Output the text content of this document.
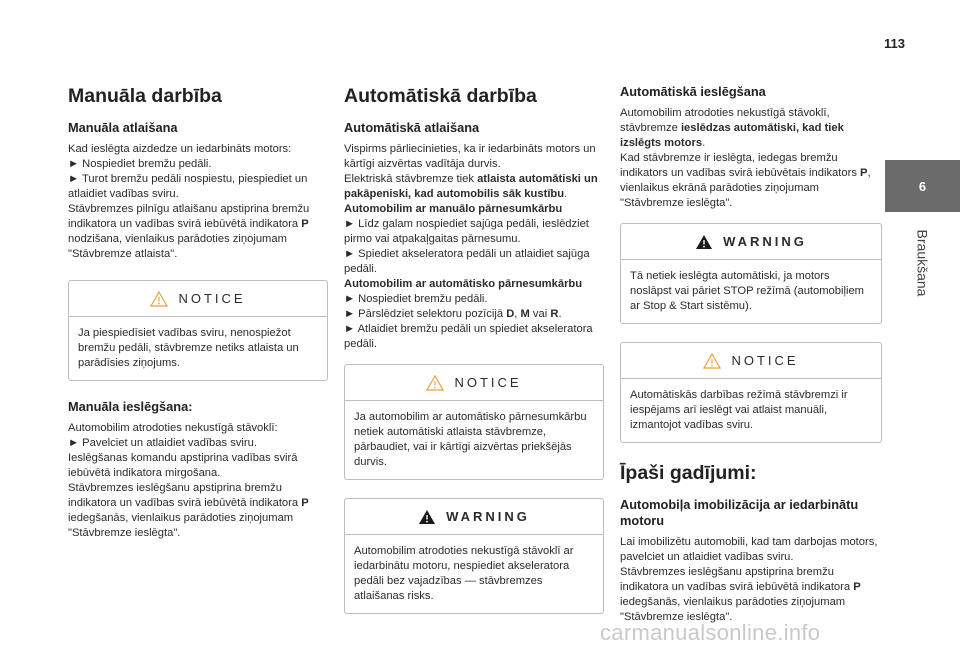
113
Manuāla darbība
Manuāla atlaišana

Kad ieslēgta aizdedze un iedarbināts motors:

► Nospiediet bremžu pedāli.

► Turot bremžu pedāli nospiestu, piespiediet un atlaidiet vadības sviru.

Stāvbremzes pilnīgu atlaišanu apstiprina bremžu indikatora un vadības svirā iebūvētā indikatora P nodzišana, vienlaikus parādoties ziņojumam "Stāvbremze atlaista".

NOTICE

Ja piespiedīsiet vadības sviru, nenospiežot bremžu pedāli, stāvbremze netiks atlaista un parādīsies ziņojums.

Manuāla ieslēgšana:

Automobilim atrodoties nekustīgā stāvoklī:

► Pavelciet un atlaidiet vadības sviru.

Ieslēgšanas komandu apstiprina vadības svirā iebūvētā indikatora mirgošana.

Stāvbremzes ieslēgšanu apstiprina bremžu indikatora un vadības svirā iebūvētā indikatora P iedegšanās, vienlaikus parādoties ziņojumam "Stāvbremze ieslēgta".

Automātiskā darbība
Automātiskā atlaišana

Vispirms pārliecinieties, ka ir iedarbināts motors un kārtīgi aizvērtas vadītāja durvis.

Elektriskā stāvbremze tiek atlaista automātiski un pakāpeniski, kad automobilis sāk kustību.

Automobilim ar manuālo pārnesumkārbu

► Līdz galam nospiediet sajūga pedāli, ieslēdziet pirmo vai atpakaļgaitas pārnesumu.

► Spiediet akseleratora pedāli un atlaidiet sajūga pedāli.

Automobilim ar automātisko pārnesumkārbu

► Nospiediet bremžu pedāli.

► Pārslēdziet selektoru pozīcijā D, M vai R.

► Atlaidiet bremžu pedāli un spiediet akseleratora pedāli.

NOTICE

Ja automobilim ar automātisko pārnesumkārbu netiek automātiski atlaista stāvbremze, pārbaudiet, vai ir kārtīgi aizvērtas priekšējās durvis.

WARNING

Automobilim atrodoties nekustīgā stāvoklī ar iedarbinātu motoru, nespiediet akseleratora pedāli bez vajadzības — stāvbremzes atlaišanas risks.

Automātiskā ieslēgšana

Automobilim atrodoties nekustīgā stāvoklī, stāvbremze ieslēdzas automātiski, kad tiek izslēgts motors.

Kad stāvbremze ir ieslēgta, iedegas bremžu indikators un vadības svirā iebūvētais indikators P, vienlaikus ekrānā parādoties ziņojumam "Stāvbremze ieslēgta".

WARNING

Tā netiek ieslēgta automātiski, ja motors noslāpst vai pāriet STOP režīmā (automobiļiem ar Stop & Start sistēmu).

NOTICE

Automātiskās darbības režīmā stāvbremzi ir iespējams arī ieslēgt vai atlaist manuāli, izmantojot vadības sviru.

Īpaši gadījumi:
Automobiļa imobilizācija ar iedarbinātu motoru

Lai imobilizētu automobili, kad tam darbojas motors, pavelciet un atlaidiet vadības sviru.

Stāvbremzes ieslēgšanu apstiprina bremžu indikatora un vadības svirā iebūvētā indikatora P iedegšanās, vienlaikus parādoties ziņojumam "Stāvbremze ieslēgta".

6
Braukšana
carmanualsonline.info
